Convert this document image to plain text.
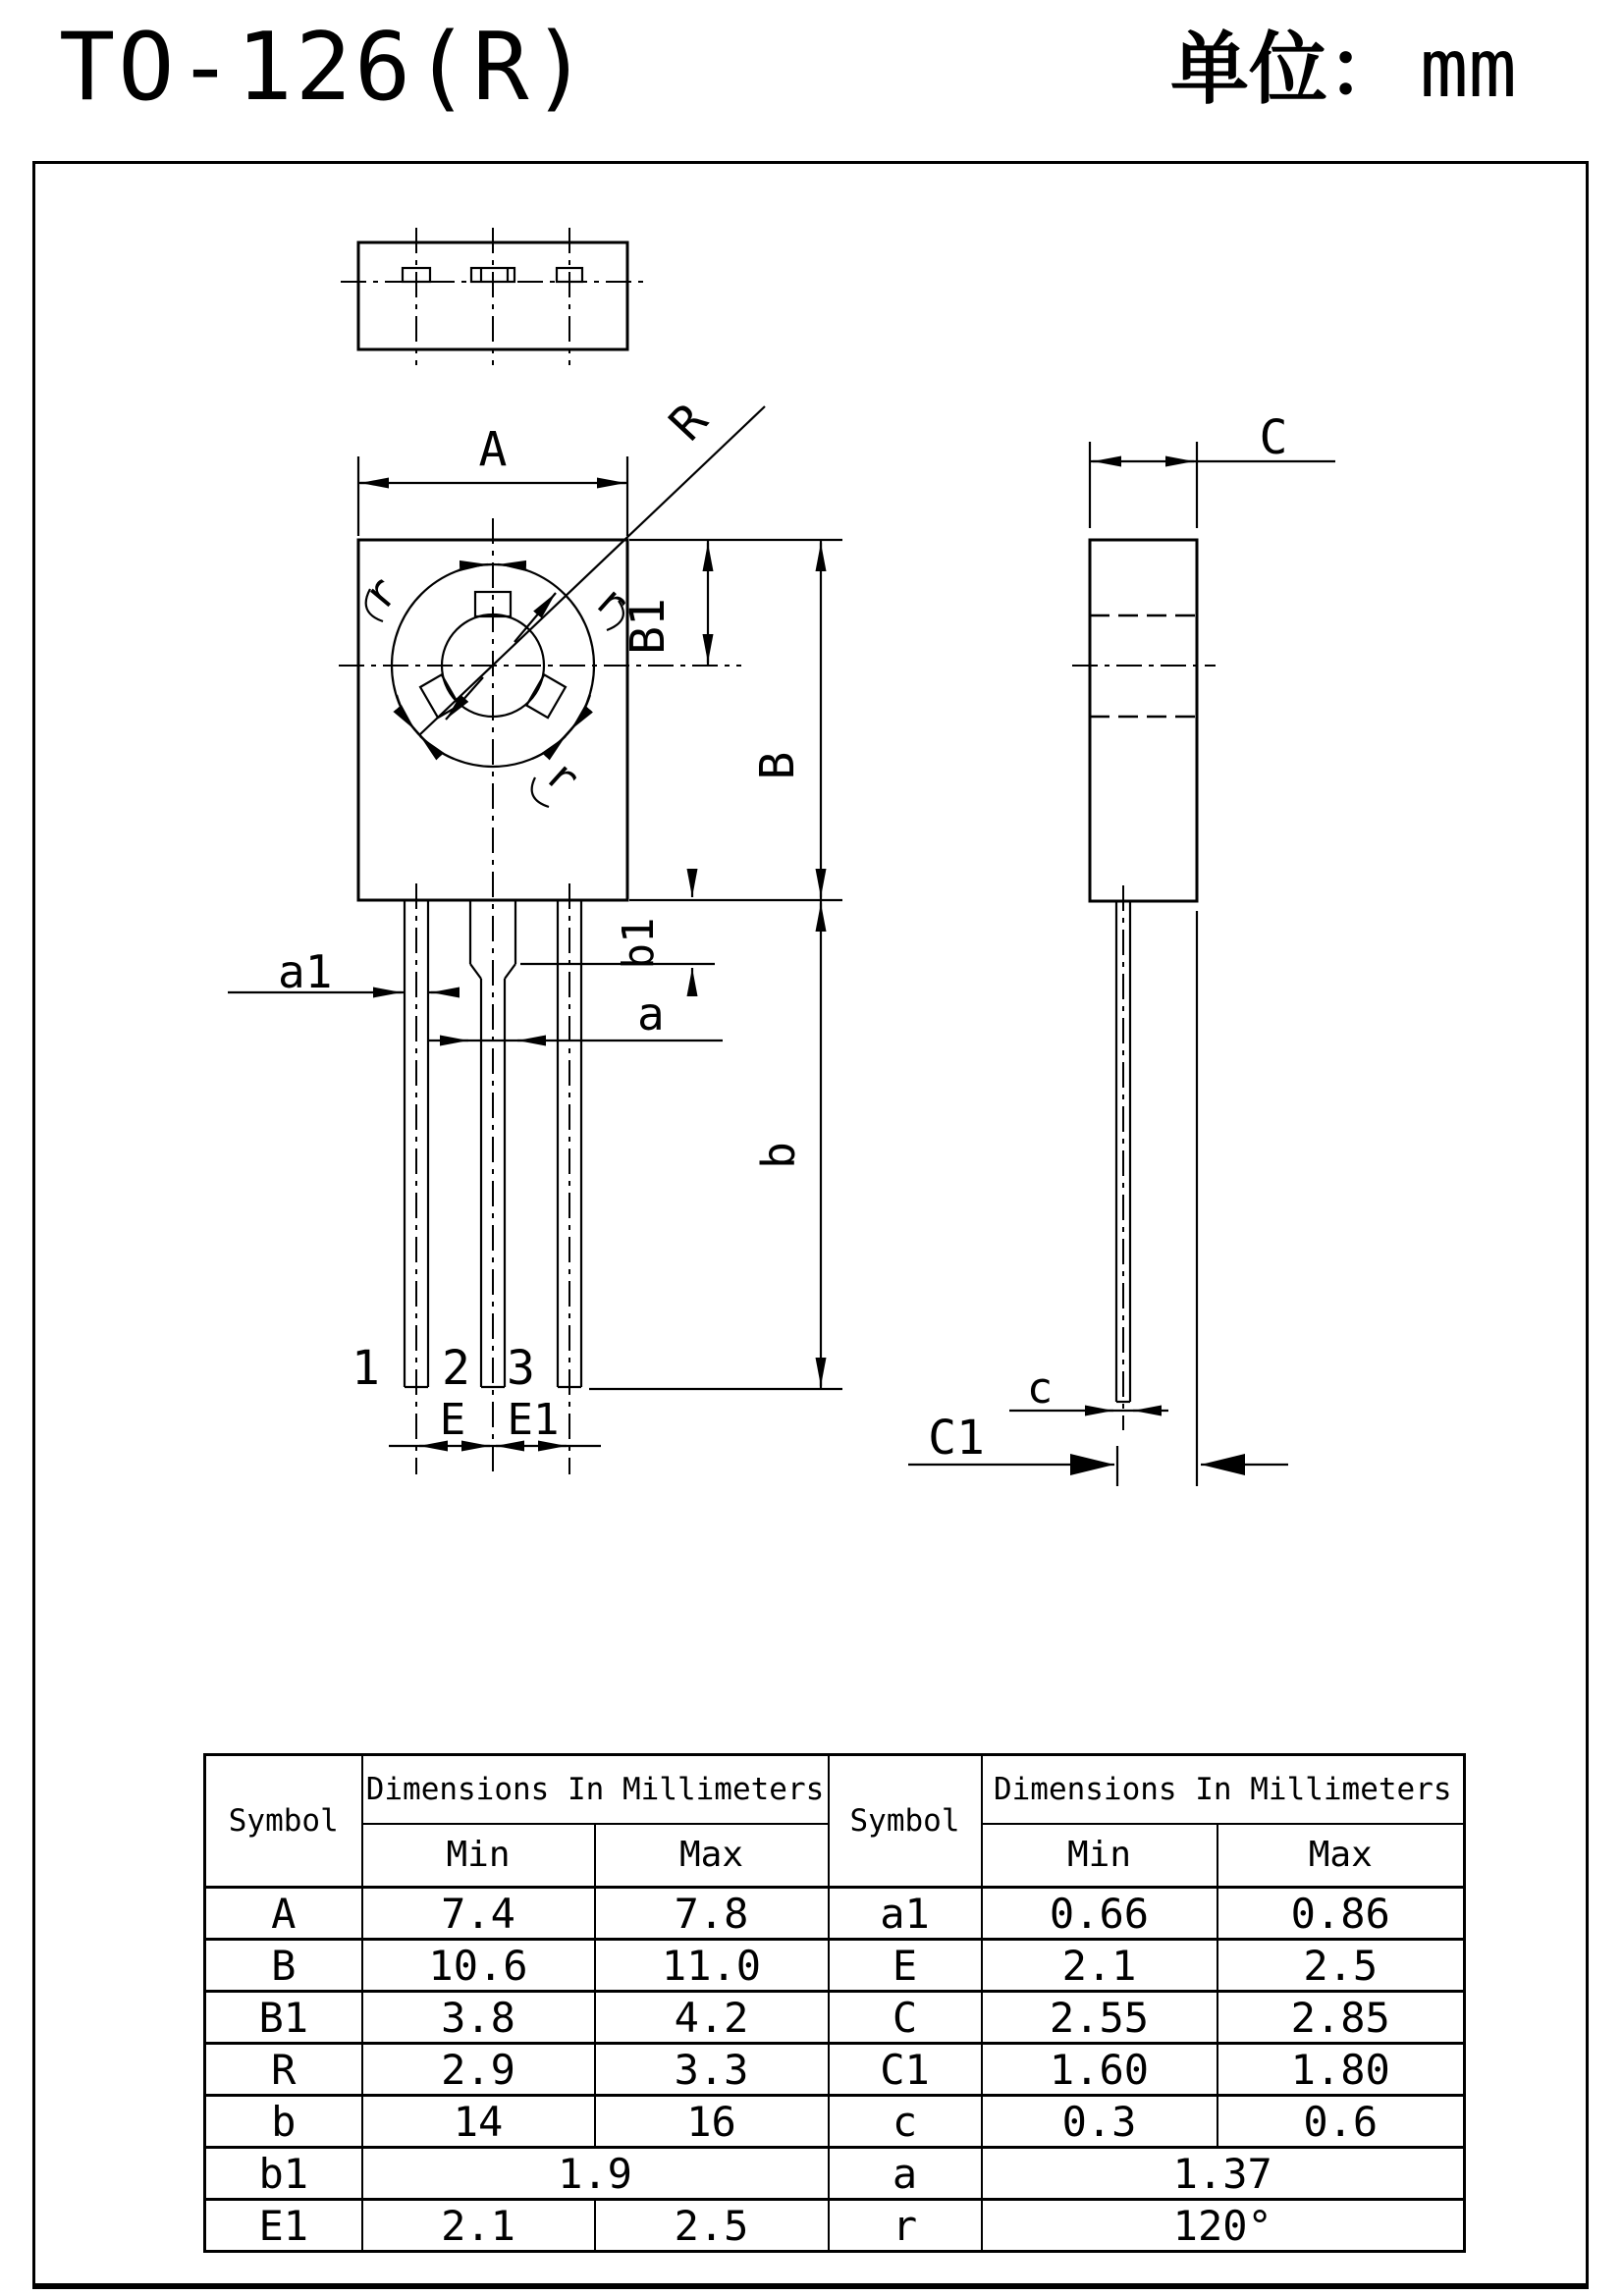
TO-126(R)	单位： mm
R
r	r
r
A
B1
B
b1
a1
a
b
1 2 3
E E1
C
c
C1
Symbol	Dimensions In Millimeters		Symbol	Dimensions In Millimeters	
	Min	Max		Min	Max
A	7.4	7.8	a1	0.66	0.86
B	10.6	11.0	E	2.1	2.5
B1	3.8	4.2	C	2.55	2.85
R	2.9	3.3	C1	1.60	1.80
b	14	16	c	0.3	0.6
b1	1.9		a	1.37	
E1	2.1	2.5	r	120°	
